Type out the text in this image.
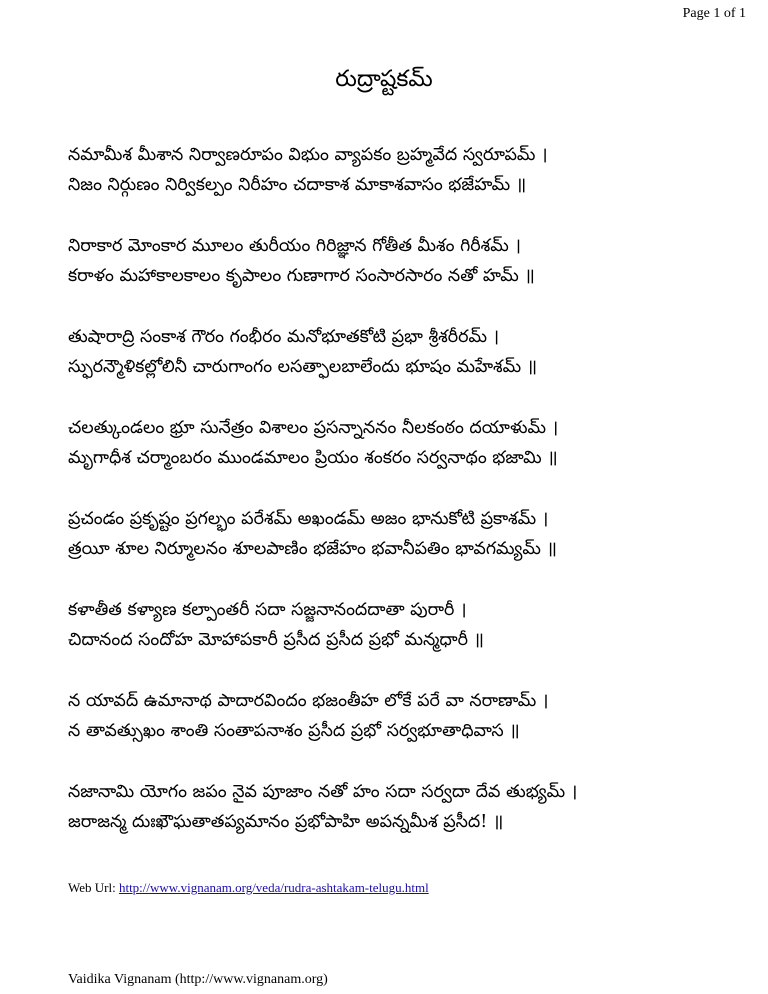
Page 1 of 1
రుద్రాష్టకమ్
నమామీశ మీశాన నిర్వాణరూపం విభుం వ్యాపకం బ్రహ్మవేద స్వరూపమ్ ।
నిజం నిర్గుణం నిర్వికల్పం నిరీహం చదాకాశ మాకాశవాసం భజేహమ్ ॥
నిరాకార మోంకార మూలం తురీయం గిరిజ్ఞాన గోతీత మీశం గిరీశమ్ ।
కరాళం మహాకాలకాలం కృపాలం గుణాగార సంసారసారం నతో హమ్ ॥
తుషారాద్రి సంకాశ గౌరం గంభీరం మనోభూతకోటి ప్రభా శ్రీశరీరమ్ ।
స్ఫురన్మౌళికల్లోలినీ చారుగాంగం లసత్ఫాలబాలేందు భూషం మహేశమ్ ॥
చలత్కుండలం భ్రూ సునేత్రం విశాలం ప్రసన్నాననం నీలకంఠం దయాళుమ్ ।
మృగాధీశ చర్మాంబరం ముండమాలం ప్రియం శంకరం సర్వనాథం భజామి ॥
ప్రచండం ప్రకృష్టం ప్రగల్భం పరేశమ్ అఖండమ్ అజం భానుకోటి ప్రకాశమ్ ।
త్రయీ శూల నిర్మూలనం శూలపాణిం భజేహం భవానీపతిం భావగమ్యమ్ ॥
కళాతీత కళ్యాణ కల్పాంతరీ సదా సజ్జనానందదాతా పురారీ ।
చిదానంద సందోహ మోహాపకారీ ప్రసీద ప్రసీద ప్రభో మన్మధారీ ॥
న యావద్ ఉమానాథ పాదారవిందం భజంతీహ లోకే పరే వా నరాణామ్ ।
న తావత్సుఖం శాంతి సంతాపనాశం ప్రసీద ప్రభో సర్వభూతాధివాస ॥
నజానామి యోగం జపం నైవ పూజాం నతో హం సదా సర్వదా దేవ తుభ్యమ్ ।
జరాజన్మ దుఃఖౌఘతాతప్యమానం ప్రభోపాహి అపన్నమీశ ప్రసీద! ॥
Web Url: http://www.vignanam.org/veda/rudra-ashtakam-telugu.html
Vaidika Vignanam (http://www.vignanam.org)
